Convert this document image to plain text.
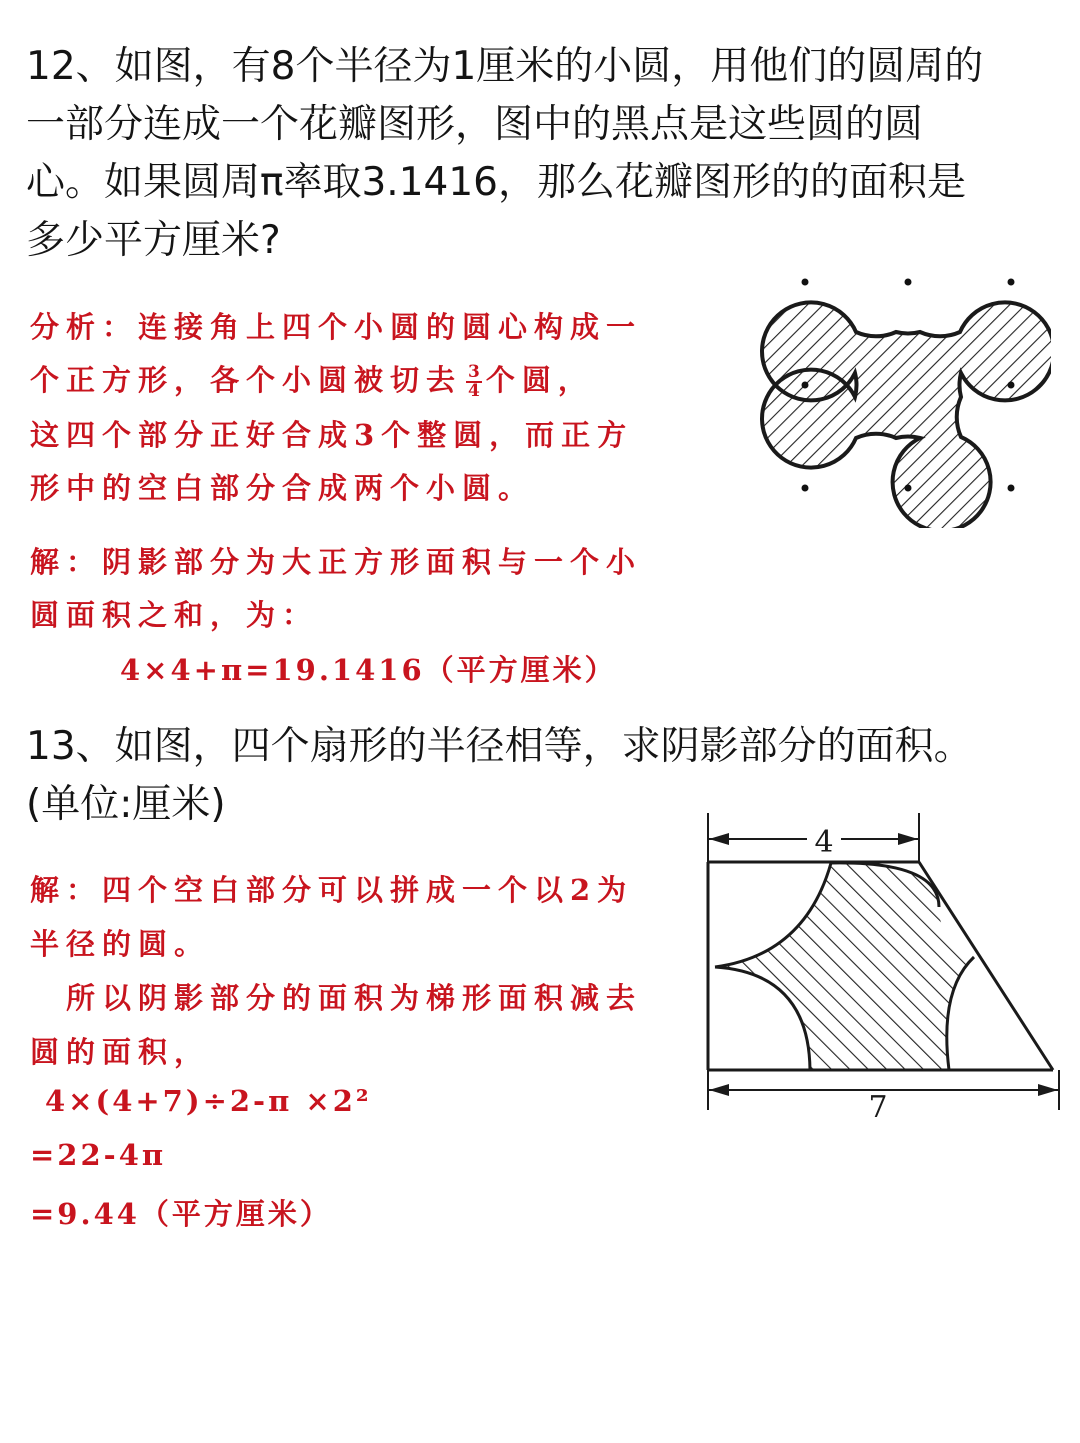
12、如图，有8个半径为1厘米的小圆，用他们的圆周的
一部分连成一个花瓣图形，图中的黑点是这些圆的圆
心。如果圆周π率取3.1416，那么花瓣图形的的面积是
多少平方厘米?
分析：连接角上四个小圆的圆心构成一
个正方形，各个小圆被切去 $\frac{3}{4}$ 个圆，
这四个部分正好合成3个整圆，而正方
形中的空白部分合成两个小圆。
解：阴影部分为大正方形面积与一个小
圆面积之和，为：
4×4+π=19.1416（平方厘米）
13、如图，四个扇形的半径相等，求阴影部分的面积。
(单位:厘米)
4
7
解：四个空白部分可以拼成一个以2为
半径的圆。
所以阴影部分的面积为梯形面积减去
圆的面积，
4×(4+7)÷2-π ×2²
=22-4π
=9.44（平方厘米）
